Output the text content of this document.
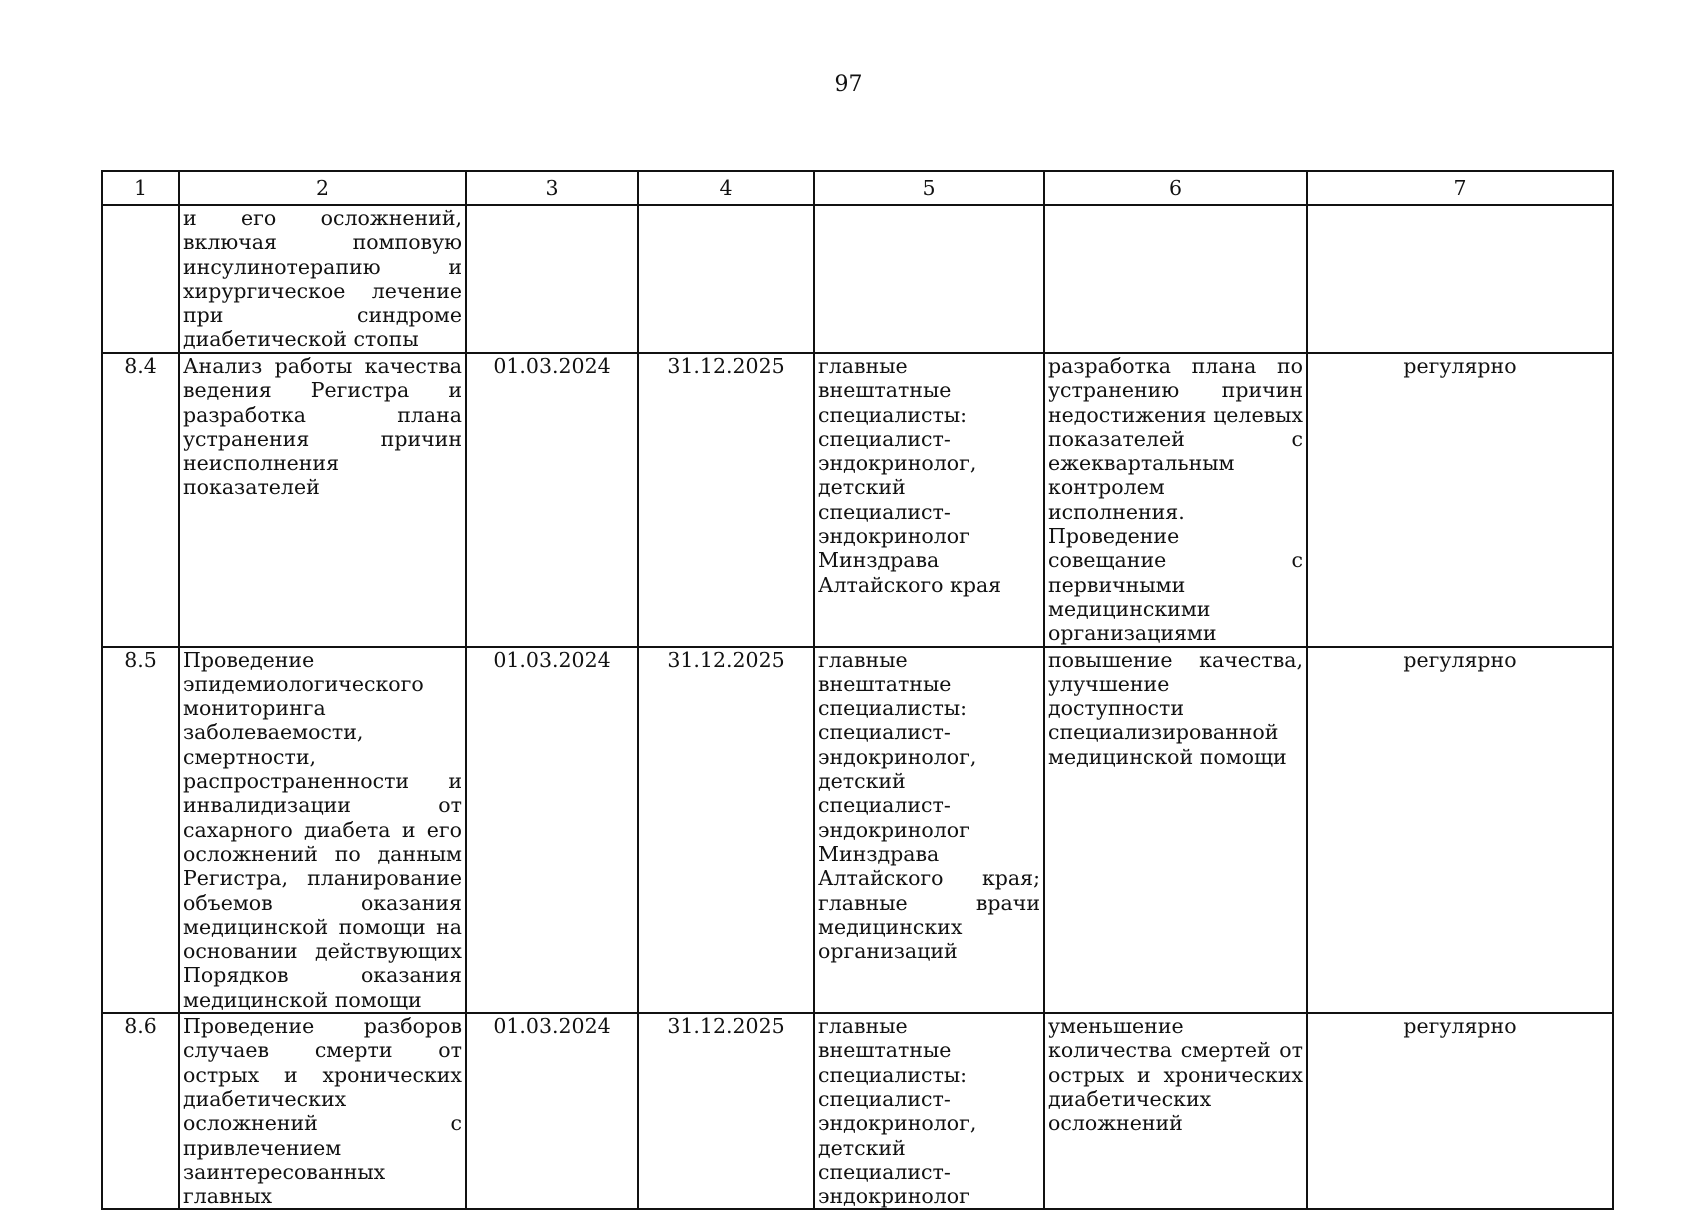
97
1	2	3	4	5	6	7

	и его осложнений, включая помповую инсулинотерапию и хирургическое лечение при синдроме диабетической стопы					

8.4	Анализ работы качества ведения Регистра и разработка плана устранения причин неисполнения показателей	01.03.2024	31.12.2025	главные внештатные специалисты: специалист-эндокринолог, детский специалист-эндокринолог Минздрава Алтайского края	разработка плана по устранению причин недостижения целевых показателей с ежеквартальным контролем исполнения. Проведение совещание с первичными медицинскими организациями	регулярно
8.5	Проведение эпидемиологического мониторинга заболеваемости, смертности, распространенности и инвалидизации от сахарного диабета и его осложнений по данным Регистра, планирование объемов оказания медицинской помощи на основании действующих Порядков оказания медицинской помощи	01.03.2024	31.12.2025	главные внештатные специалисты: специалист-эндокринолог, детский специалист-эндокринолог Минздрава Алтайского края; главные врачи медицинских организаций	повышение качества, улучшение доступности специализированной медицинской помощи	регулярно
8.6	Проведение разборов случаев смерти от острых и хронических диабетических осложнений с привлечением заинтересованных главных	01.03.2024	31.12.2025	главные внештатные специалисты: специалист-эндокринолог, детский специалист-эндокринолог	уменьшение количества смертей от острых и хронических диабетических осложнений	регулярно
